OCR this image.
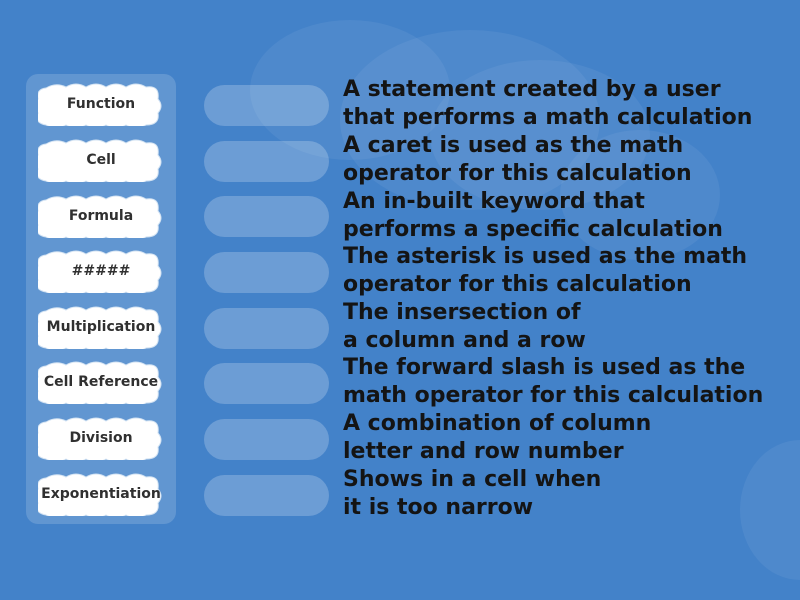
Function
Cell
Formula
#####
Multiplication
Cell Reference
Division
Exponentiation
A statement created by a user
that performs a math calculation
A caret is used as the math
operator for this calculation
An in-built keyword that
performs a specific calculation
The asterisk is used as the math
operator for this calculation
The insersection of
a column and a row
The forward slash is used as the
math operator for this calculation
A combination of column
letter and row number
Shows in a cell when
it is too narrow
